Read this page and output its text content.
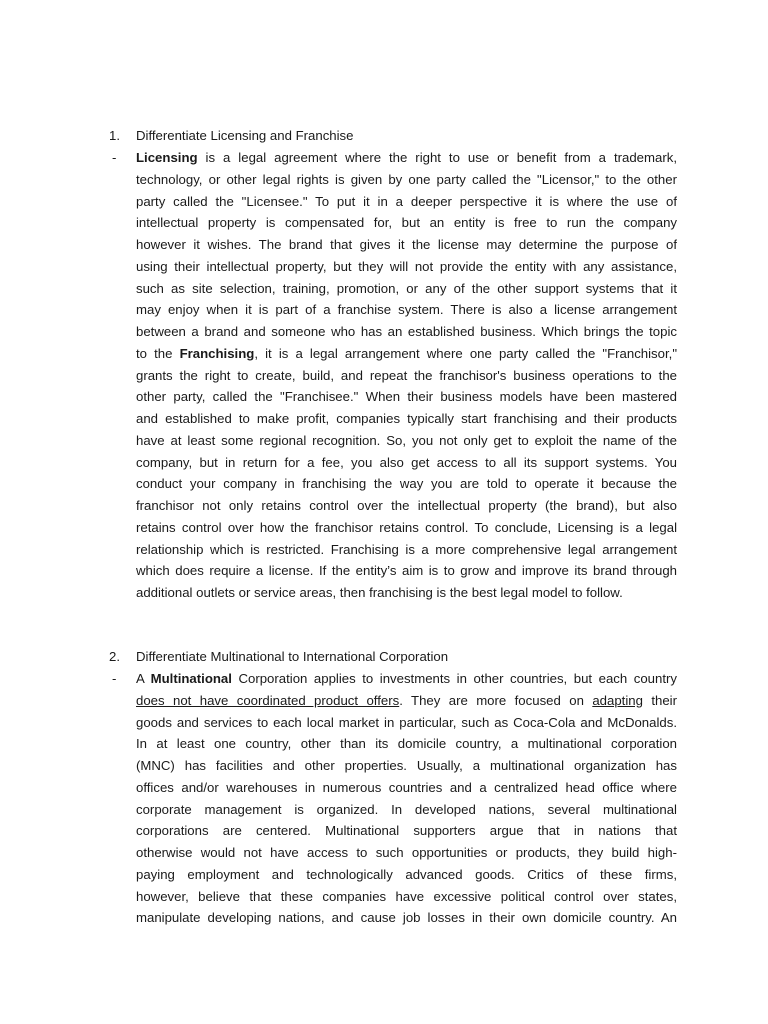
1. Differentiate Licensing and Franchise
- Licensing is a legal agreement where the right to use or benefit from a trademark,
technology, or other legal rights is given by one party called the "Licensor," to the other
party called the "Licensee." To put it in a deeper perspective it is where the use of
intellectual property is compensated for, but an entity is free to run the company
however it wishes. The brand that gives it the license may determine the purpose of
using their intellectual property, but they will not provide the entity with any assistance,
such as site selection, training, promotion, or any of the other support systems that it
may enjoy when it is part of a franchise system. There is also a license arrangement
between a brand and someone who has an established business. Which brings the topic
to the Franchising, it is a legal arrangement where one party called the "Franchisor,"
grants the right to create, build, and repeat the franchisor's business operations to the
other party, called the "Franchisee." When their business models have been mastered
and established to make profit, companies typically start franchising and their products
have at least some regional recognition. So, you not only get to exploit the name of the
company, but in return for a fee, you also get access to all its support systems. You
conduct your company in franchising the way you are told to operate it because the
franchisor not only retains control over the intellectual property (the brand), but also
retains control over how the franchisor retains control. To conclude, Licensing is a legal
relationship which is restricted. Franchising is a more comprehensive legal arrangement
which does require a license. If the entity’s aim is to grow and improve its brand through
additional outlets or service areas, then franchising is the best legal model to follow.
2. Differentiate Multinational to International Corporation
- A Multinational Corporation applies to investments in other countries, but each country
does not have coordinated product offers. They are more focused on adapting their
goods and services to each local market in particular, such as Coca-Cola and McDonalds.
In at least one country, other than its domicile country, a multinational corporation
(MNC) has facilities and other properties. Usually, a multinational organization has
offices and/or warehouses in numerous countries and a centralized head office where
corporate management is organized. In developed nations, several multinational
corporations are centered. Multinational supporters argue that in nations that
otherwise would not have access to such opportunities or products, they build high-
paying employment and technologically advanced goods. Critics of these firms,
however, believe that these companies have excessive political control over states,
manipulate developing nations, and cause job losses in their own domicile country. An
